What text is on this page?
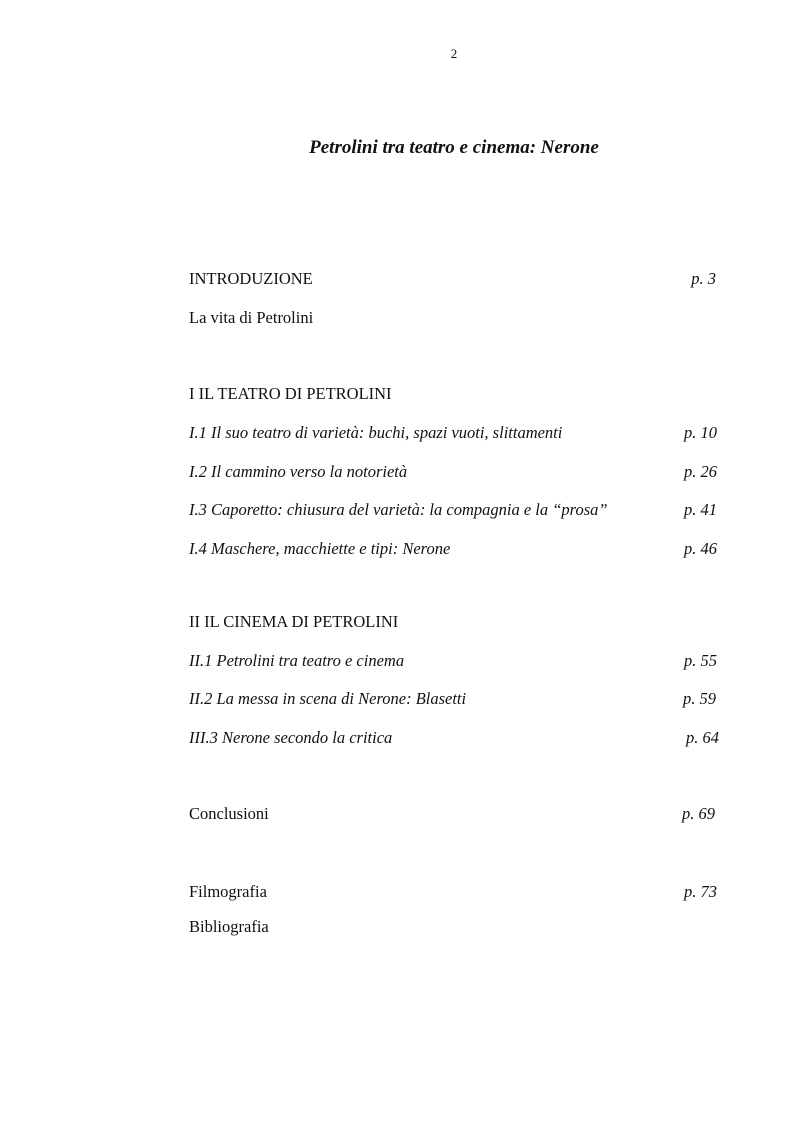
2
Petrolini tra teatro e cinema: Nerone
INTRODUZIONE	p. 3
La vita di Petrolini
I IL TEATRO DI PETROLINI
I.1 Il suo teatro di varietà: buchi, spazi vuoti, slittamenti	p. 10
I.2 Il cammino verso la notorietà	p. 26
I.3 Caporetto: chiusura del varietà: la compagnia e la “prosa”	p. 41
I.4 Maschere, macchiette e tipi: Nerone	p. 46
II IL CINEMA DI PETROLINI
II.1 Petrolini tra teatro e cinema	p. 55
II.2 La messa in scena di Nerone: Blasetti	p. 59
III.3 Nerone secondo la critica	p. 64
Conclusioni	p. 69
Filmografia	p. 73
Bibliografia
